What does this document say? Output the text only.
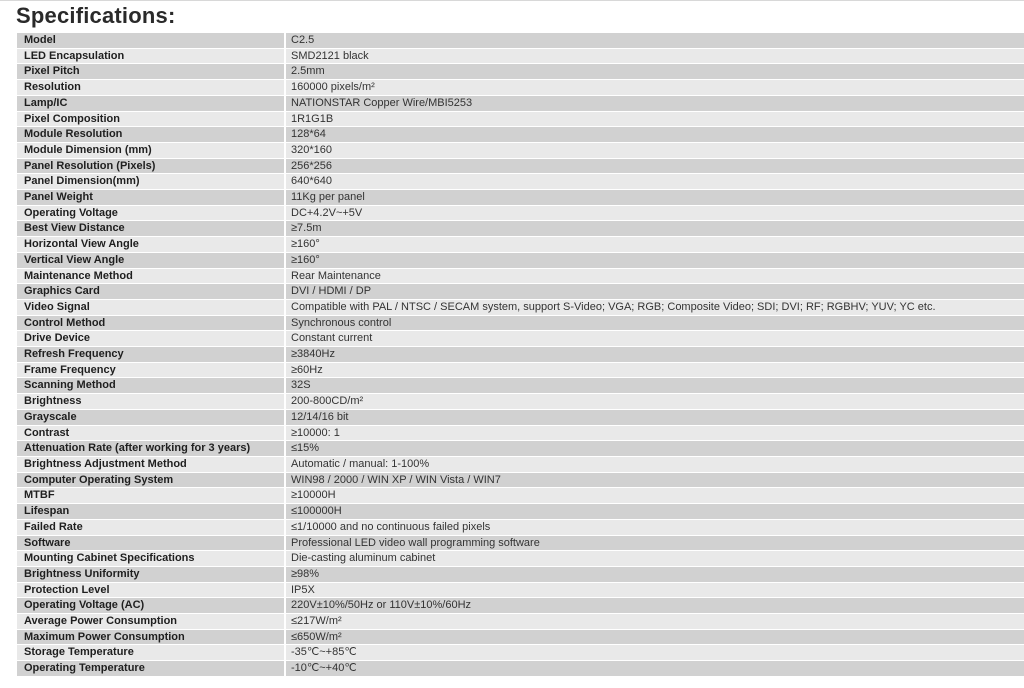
Specifications:
Model	C2.5
LED Encapsulation	SMD2121 black
Pixel Pitch	2.5mm
Resolution	160000 pixels/m²
Lamp/IC	NATIONSTAR Copper Wire/MBI5253
Pixel Composition	1R1G1B
Module Resolution	128*64
Module Dimension (mm)	320*160
Panel Resolution (Pixels)	256*256
Panel Dimension(mm)	640*640
Panel Weight	11Kg per panel
Operating Voltage	DC+4.2V~+5V
Best View Distance	≥7.5m
Horizontal View Angle	≥160°
Vertical View Angle	≥160°
Maintenance Method	Rear Maintenance
Graphics Card	DVI / HDMI / DP
Video Signal	Compatible with PAL / NTSC / SECAM system, support S-Video; VGA; RGB; Composite Video; SDI; DVI; RF; RGBHV; YUV; YC etc.
Control Method	Synchronous control
Drive Device	Constant current
Refresh Frequency	≥3840Hz
Frame Frequency	≥60Hz
Scanning Method	32S
Brightness	200-800CD/m²
Grayscale	12/14/16 bit
Contrast	≥10000: 1
Attenuation Rate (after working for 3 years)	≤15%
Brightness Adjustment Method	Automatic / manual: 1-100%
Computer Operating System	WIN98 / 2000 / WIN XP / WIN Vista / WIN7
MTBF	≥10000H
Lifespan	≤100000H
Failed Rate	≤1/10000 and no continuous failed pixels
Software	Professional LED video wall programming software
Mounting Cabinet Specifications	Die-casting aluminum cabinet
Brightness Uniformity	≥98%
Protection Level	IP5X
Operating Voltage (AC)	220V±10%/50Hz or 110V±10%/60Hz
Average Power Consumption	≤217W/m²
Maximum Power Consumption	≤650W/m²
Storage Temperature	-35℃~+85℃
Operating Temperature	-10℃~+40℃
